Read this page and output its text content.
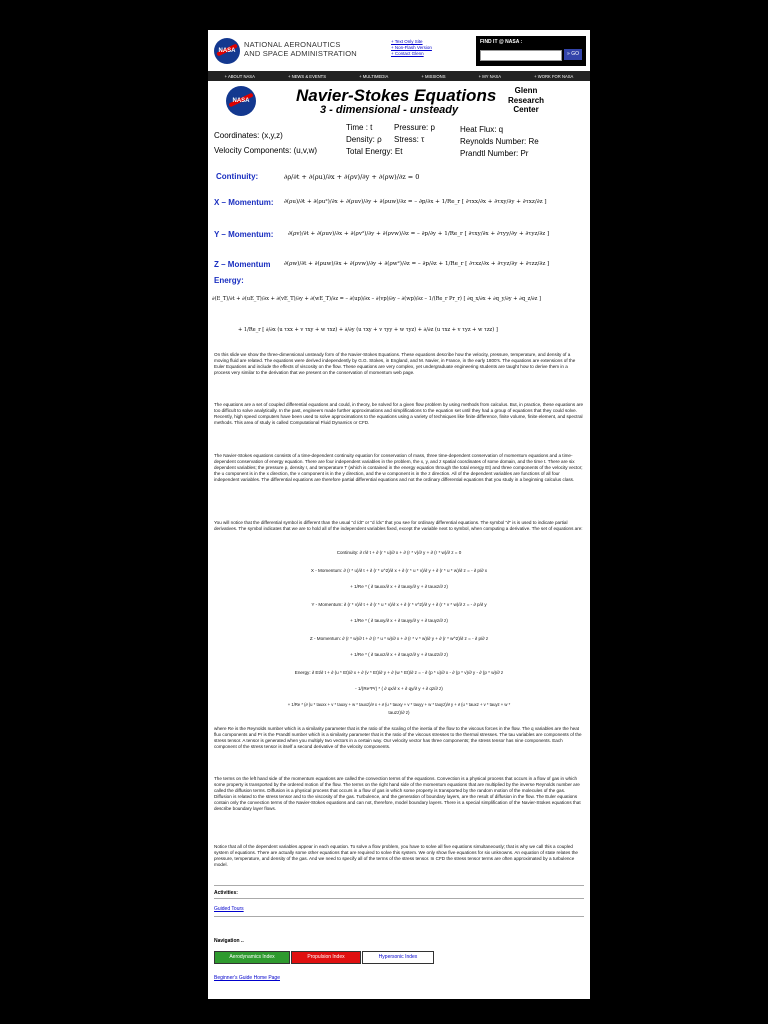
NASA
NATIONAL AERONAUTICS
AND SPACE ADMINISTRATION
+ Text Only Site
+ Non-Flash Version
+ Contact Glenn
FIND IT @ NASA :
» GO
+ ABOUT NASA	+ NEWS & EVENTS	+ MULTIMEDIA	+ MISSIONS	+ MY NASA	+ WORK FOR NASA
NASA	Navier-Stokes Equations
3 - dimensional - unsteady
Glenn
Research
Center
Coordinates: (x,y,z)
Velocity Components: (u,v,w)
Time : t
Density: ρ
Total Energy: Et
Pressure: p
Stress: τ
Heat Flux: q
Reynolds Number: Re
Prandtl Number: Pr
Continuity:	∂ρ/∂t + ∂(ρu)/∂x + ∂(ρv)/∂y + ∂(ρw)/∂z = 0
X – Momentum: ∂(ρu)/∂t + ∂(ρu²)/∂x + ∂(ρuv)/∂y + ∂(ρuw)/∂z = – ∂p/∂x + 1/Re_r [ ∂τxx/∂x + ∂τxy/∂y + ∂τxz/∂z ]
Y – Momentum:	∂(ρv)/∂t + ∂(ρuv)/∂x + ∂(ρv²)/∂y + ∂(ρvw)/∂z = – ∂p/∂y + 1/Re_r [ ∂τxy/∂x + ∂τyy/∂y + ∂τyz/∂z ]
Z – Momentum ∂(ρw)/∂t + ∂(ρuw)/∂x + ∂(ρvw)/∂y + ∂(ρw²)/∂z = – ∂p/∂z + 1/Re_r [ ∂τxz/∂x + ∂τyz/∂y + ∂τzz/∂z ]
Energy:
∂(E_T)/∂t + ∂(uE_T)/∂x + ∂(vE_T)/∂y + ∂(wE_T)/∂z = – ∂(up)/∂x – ∂(vp)/∂y – ∂(wp)/∂z – 1/(Re_r Pr_r) [ ∂q_x/∂x + ∂q_y/∂y + ∂q_z/∂z ]
+ 1/Re_r [ ∂/∂x (u τxx + v τxy + w τxz) + ∂/∂y (u τxy + v τyy + w τyz) + ∂/∂z (u τxz + v τyz + w τzz) ]
On this slide we show the three-dimensional unsteady form of the Navier-Stokes Equations. These equations describe how the velocity, pressure, temperature, and density of a moving fluid are related. The equations were derived independently by G.G. Stokes, in England, and M. Navier, in France, in the early 1800's. The equations are extensions of the Euler Equations and include the effects of viscosity on the flow. These equations are very complex, yet undergraduate engineering students are taught how to derive them in a process very similar to the derivation that we present on the conservation of momentum web page.
The equations are a set of coupled differential equations and could, in theory, be solved for a given flow problem by using methods from calculus. But, in practice, these equations are too difficult to solve analytically. In the past, engineers made further approximations and simplifications to the equation set until they had a group of equations that they could solve. Recently, high speed computers have been used to solve approximations to the equations using a variety of techniques like finite difference, finite volume, finite element, and spectral methods. This area of study is called Computational Fluid Dynamics or CFD.
The Navier-Stokes equations consists of a time-dependent continuity equation for conservation of mass, three time-dependent conservation of momentum equations and a time-dependent conservation of energy equation. There are four independent variables in the problem, the x, y, and z spatial coordinates of some domain, and the time t. There are six dependent variables; the pressure p, density r, and temperature T (which is contained in the energy equation through the total energy Et) and three components of the velocity vector; the u component is in the x direction, the v component is in the y direction, and the w component is in the z direction. All of the dependent variables are functions of all four independent variables. The differential equations are therefore partial differential equations and not the ordinary differential equations that you study in a beginning calculus class.
You will notice that the differential symbol is different than the usual "d /dt" or "d /dx" that you see for ordinary differential equations. The symbol "∂" is is used to indicate partial derivatives. The symbol indicates that we are to hold all of the independent variables fixed, except the variable next to symbol, when computing a derivative. The set of equations are:
Continuity: ∂ r/∂ t + ∂ (r * u)/∂ x + ∂ (r * v)/∂ y + ∂ (r * w)/∂ z = 0
X - Momentum: ∂ (r * u)/∂ t + ∂ (r * u^2)/∂ x + ∂ (r * u * v)/∂ y + ∂ (r * u * w)/∂ z = - ∂ p/∂ x
+ 1/Re * ( ∂ tauxx/∂ x + ∂ tauxy/∂ y + ∂ tauxz/∂ z)
Y - Momentum: ∂ (r * v)/∂ t + ∂ (r * u * v)/∂ x + ∂ (r * v^2)/∂ y + ∂ (r * v * w)/∂ z = - ∂ p/∂ y
+ 1/Re * ( ∂ tauxy/∂ x + ∂ tauyy/∂ y + ∂ tauyz/∂ z)
Z - Momentum: ∂ (r * w)/∂ t + ∂ (r * u * w)/∂ x + ∂ (r * v * w)/∂ y + ∂ (r * w^2)/∂ z = - ∂ p/∂ z
+ 1/Re * ( ∂ tauxz/∂ x + ∂ tauyz/∂ y + ∂ tauzz/∂ z)
Energy: ∂ Et/∂ t + ∂ (u * Et)/∂ x + ∂ (v * Et)/∂ y + ∂ (w * Et)/∂ z = - ∂ (p * u)/∂ x - ∂ (p * v)/∂ y - ∂ (p * w)/∂ z
- 1/(Re*Pr) * ( ∂ qx/∂ x + ∂ qy/∂ y + ∂ qz/∂ z)
+ 1/Re * (∂ (u * tauxx + v * tauxy + w * tauxz)/∂ x + ∂ (u * tauxy + v * tauyy + w * tauyz)/∂ y + ∂ (u * tauxz + v * tauyz + w *
tauzz)/∂ z)
where Re is the Reynolds number which is a similarity parameter that is the ratio of the scaling of the inertia of the flow to the viscous forces in the flow. The q variables are the heat flux components and Pr is the Prandtl number which is a similarity parameter that is the ratio of the viscous stresses to the thermal stresses. The tau variables are components of the stress tensor. A tensor is generated when you multiply two vectors in a certain way. Our velocity vector has three components; the stress tensor has nine components. Each component of the stress tensor is itself a second derivative of the velocity components.
The terms on the left hand side of the momentum equations are called the convection terms of the equations. Convection is a physical process that occurs in a flow of gas in which some property is transported by the ordered motion of the flow. The terms on the right hand side of the momentum equations that are multiplied by the inverse Reynolds number are called the diffusion terms. Diffusion is a physical process that occurs in a flow of gas in which some property is transported by the random motion of the molecules of the gas. Diffusion is related to the stress tensor and to the viscosity of the gas. Turbulence, and the generation of boundary layers, are the result of diffusion in the flow. The Euler equations contain only the convection terms of the Navier-Stokes equations and can not, therefore, model boundary layers. There is a special simplification of the Navier-Stokes equations that describe boundary layer flows.
Notice that all of the dependent variables appear in each equation. To solve a flow problem, you have to solve all five equations simultaneously; that is why we call this a coupled system of equations. There are actually some other equations that are required to solve this system. We only show five equations for six unknowns. An equation of state relates the pressure, temperature, and density of the gas. And we need to specify all of the terms of the stress tensor. In CFD the stress tensor terms are often approximated by a turbulence model.
Activities:
Guided Tours
Navigation ..
Aerodynamics Index	Propulsion Index	Hypersonic Index
Beginner's Guide Home Page
